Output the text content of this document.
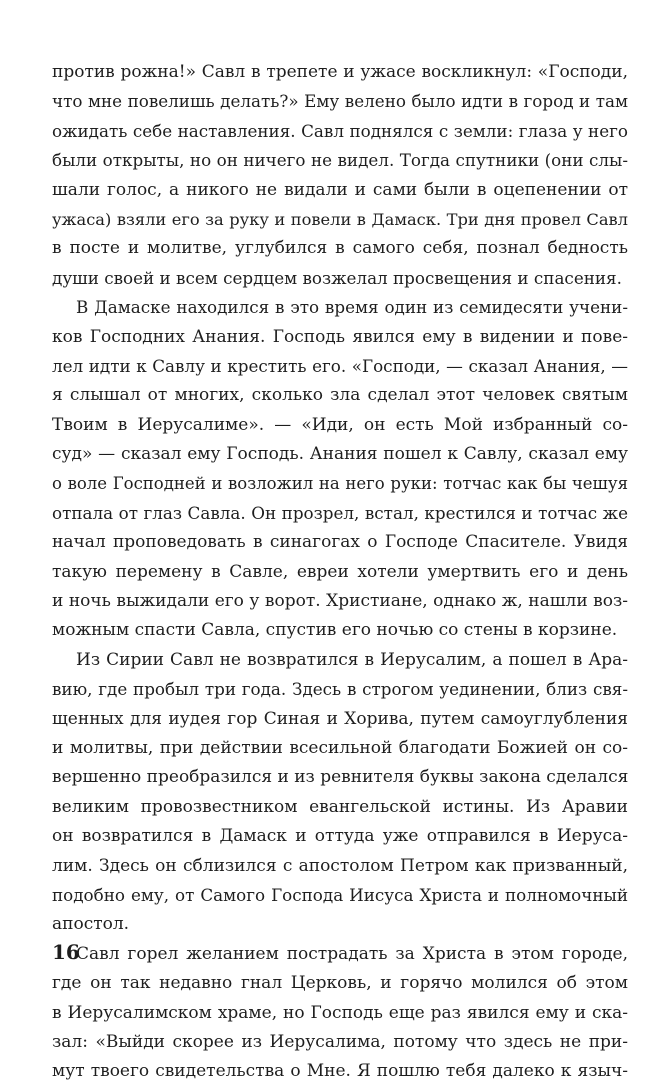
против рожна!» Савл в трепете и ужасе воскликнул: «Господи,
что мне повелишь делать?» Ему велено было идти в город и там
ожидать себе наставления. Савл поднялся с земли: глаза у него
были открыты, но он ничего не видел. Тогда спутники (они слы-
шали голос, а никого не видали и сами были в оцепенении от
ужаса) взяли его за руку и повели в Дамаск. Три дня провел Савл
в посте и молитве, углубился в самого себя, познал бедность
души своей и всем сердцем возжелал просвещения и спасения.
В Дамаске находился в это время один из семидесяти учени-
ков Господних Анания. Господь явился ему в видении и пове-
лел идти к Савлу и крестить его. «Господи, — сказал Анания, —
я слышал от многих, сколько зла сделал этот человек святым
Твоим в Иерусалиме». — «Иди, он есть Мой избранный со-
суд» — сказал ему Господь. Анания пошел к Савлу, сказал ему
о воле Господней и возложил на него руки: тотчас как бы чешуя
отпала от глаз Савла. Он прозрел, встал, крестился и тотчас же
начал проповедовать в синагогах о Господе Спасителе. Увидя
такую перемену в Савле, евреи хотели умертвить его и день
и ночь выжидали его у ворот. Христиане, однако ж, нашли воз-
можным спасти Савла, спустив его ночью со стены в корзине.
Из Сирии Савл не возвратился в Иерусалим, а пошел в Ара-
вию, где пробыл три года. Здесь в строгом уединении, близ свя-
щенных для иудея гор Синая и Хорива, путем самоуглубления
и молитвы, при действии всесильной благодати Божией он со-
вершенно преобразился и из ревнителя буквы закона сделался
великим провозвестником евангельской истины. Из Аравии
он возвратился в Дамаск и оттуда уже отправился в Иеруса-
лим. Здесь он сблизился с апостолом Петром как призванный,
подобно ему, от Самого Господа Иисуса Христа и полномочный
апостол.
Савл горел желанием пострадать за Христа в этом городе,
где он так недавно гнал Церковь, и горячо молился об этом
в Иерусалимском храме, но Господь еще раз явился ему и ска-
зал: «Выйди скорее из Иерусалима, потому что здесь не при-
мут твоего свидетельства о Мне. Я пошлю тебя далеко к языч-
16
